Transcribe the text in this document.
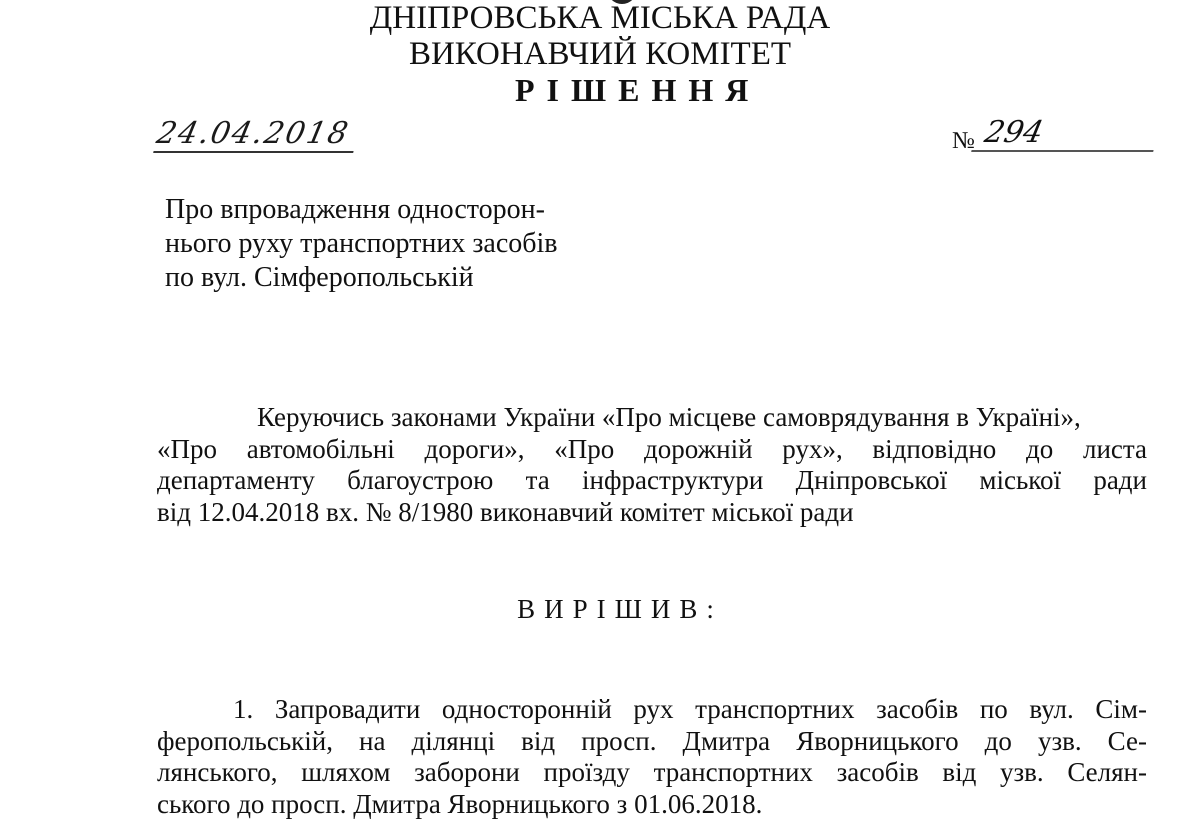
ДНІПРОВСЬКА МІСЬКА РАДА
ВИКОНАВЧИЙ КОМІТЕТ
РІШЕННЯ
24.04.2018	№ 294
Про впровадження односторон-
нього руху транспортних засобів
по вул. Сімферопольській
Керуючись законами України «Про місцеве самоврядування в Україні»,
«Про автомобільні дороги», «Про дорожній рух», відповідно до листа
департаменту благоустрою та інфраструктури Дніпровської міської ради
від 12.04.2018 вх. № 8/1980 виконавчий комітет міської ради
ВИРІШИВ:
1. Запровадити односторонній рух транспортних засобів по вул. Сім-
феропольській, на ділянці від просп. Дмитра Яворницького до узв. Се-
лянського, шляхом заборони проїзду транспортних засобів від узв. Селян-
ського до просп. Дмитра Яворницького з 01.06.2018.
